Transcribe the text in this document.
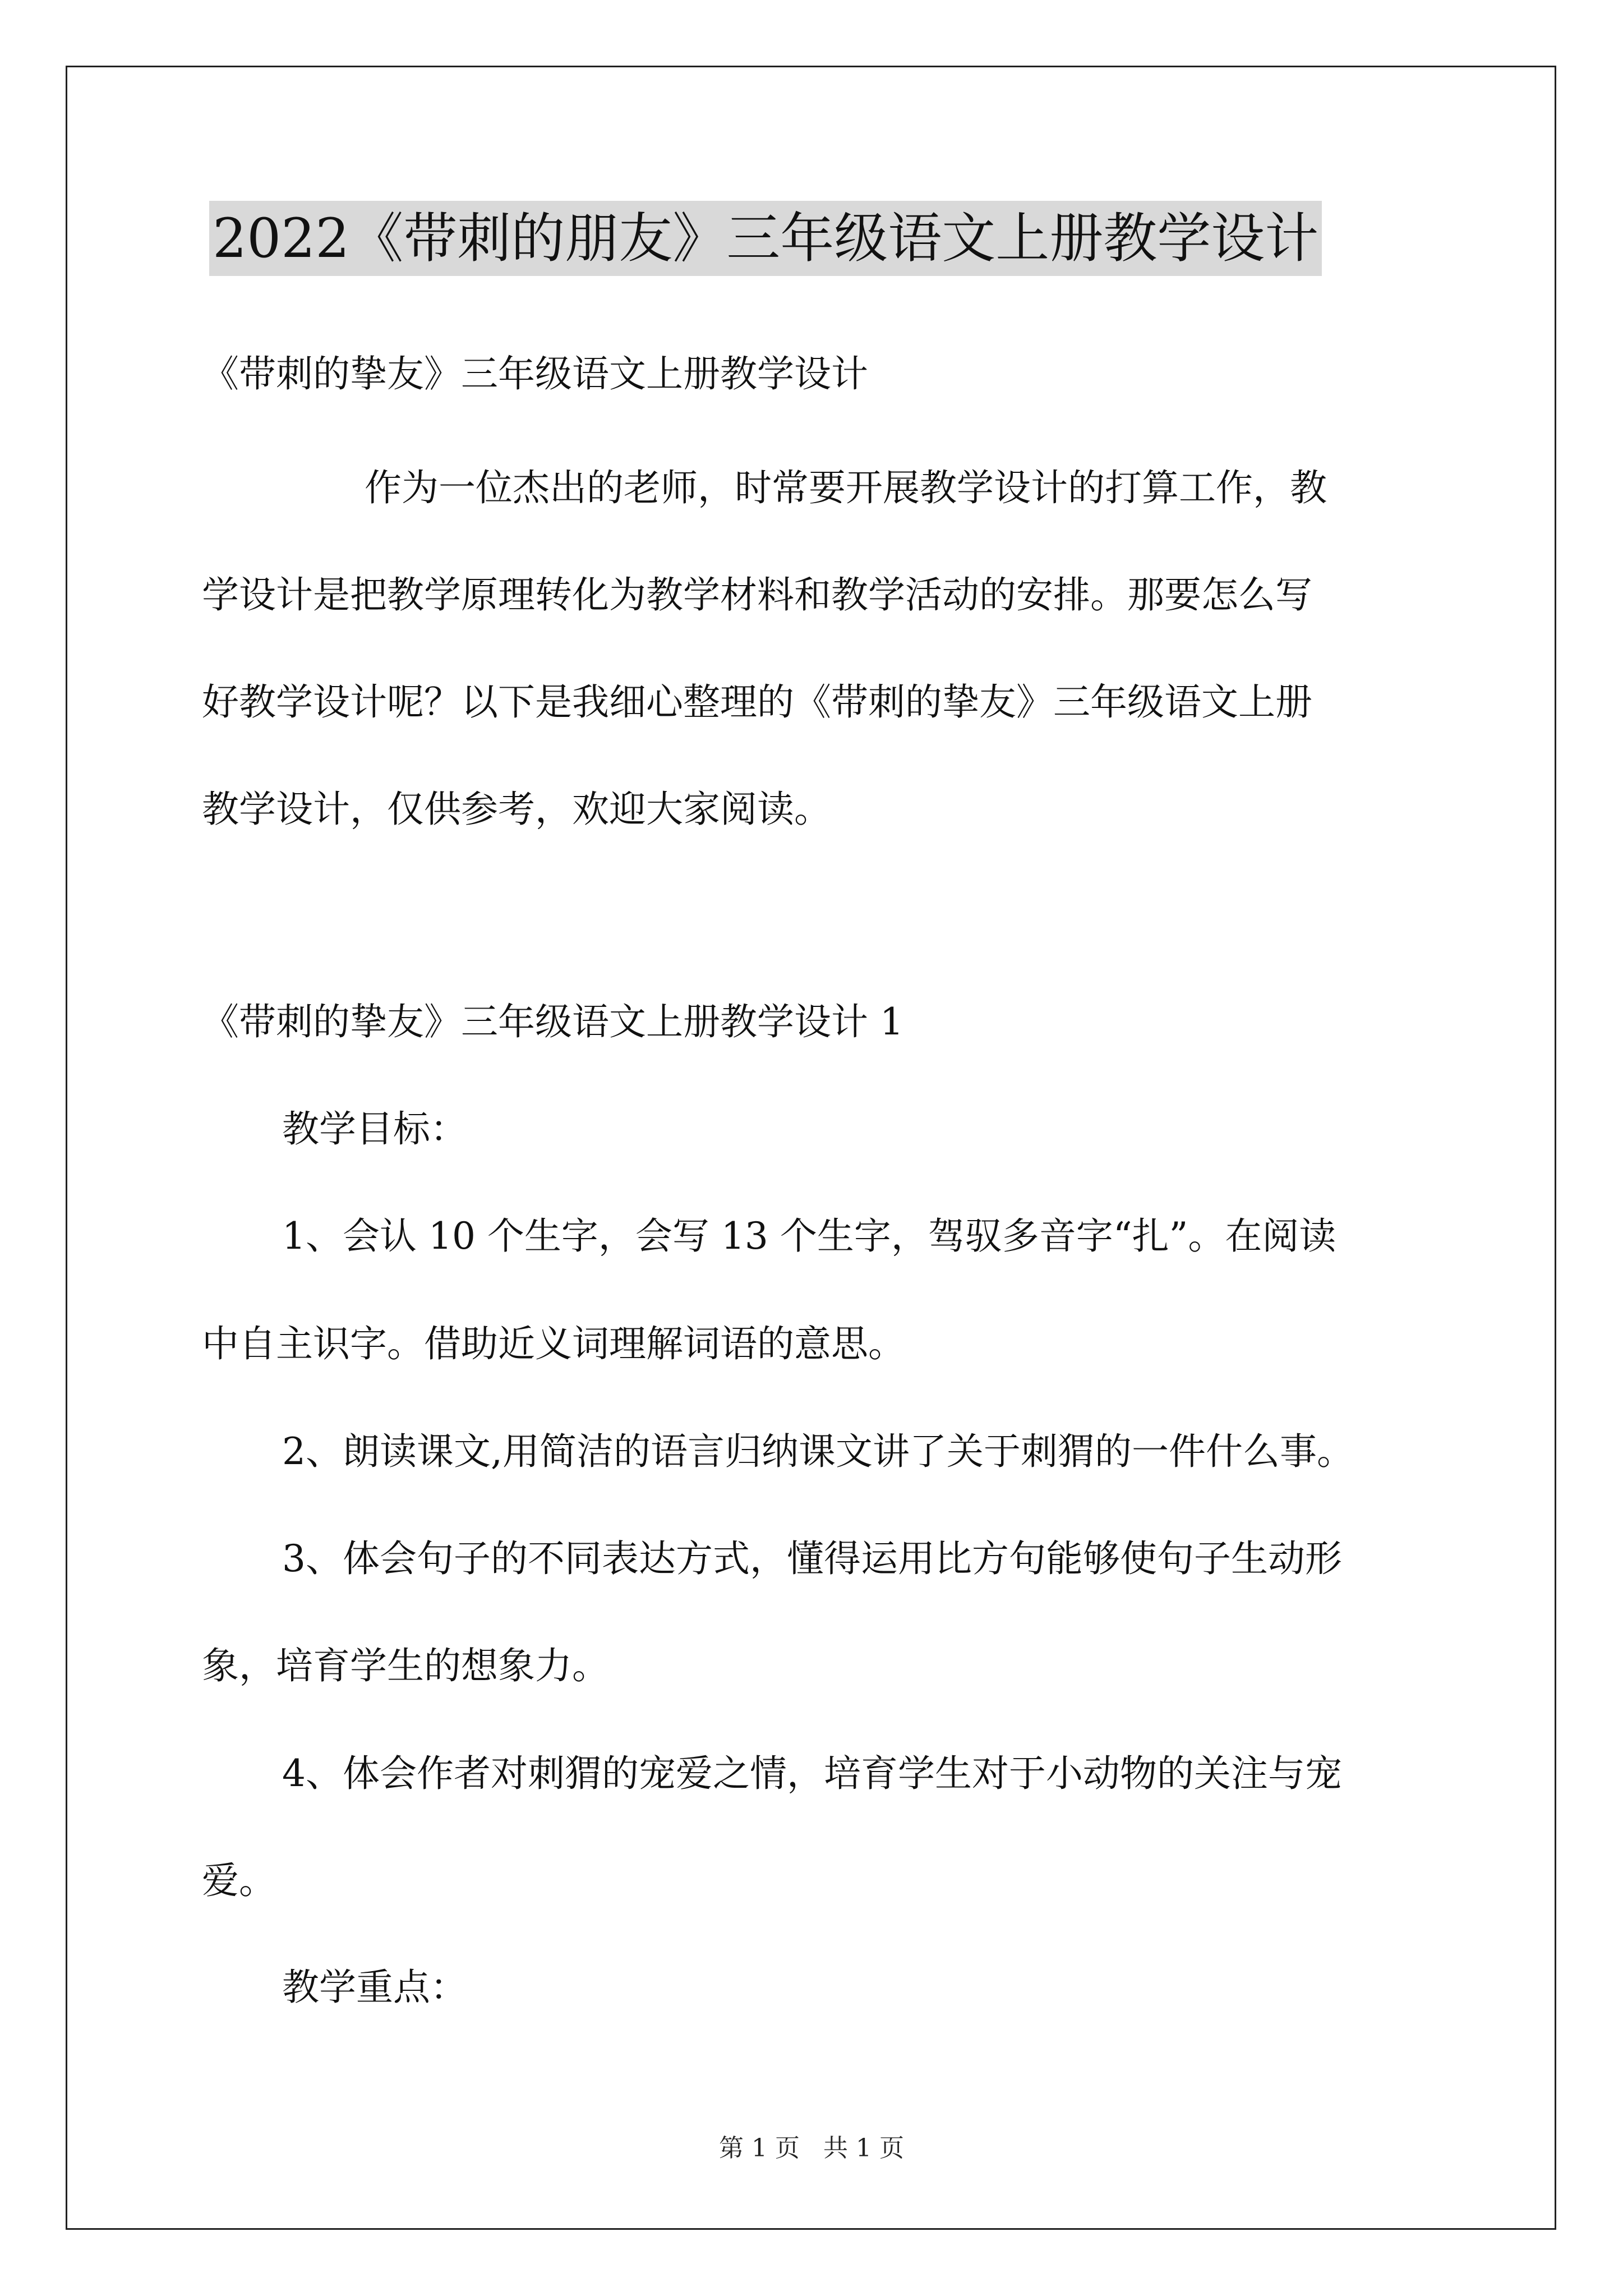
2022《带刺的朋友》三年级语文上册教学设计
《带刺的挚友》三年级语文上册教学设计
作为一位杰出的老师，时常要开展教学设计的打算工作，教
学设计是把教学原理转化为教学材料和教学活动的安排。那要怎么写
好教学设计呢？以下是我细心整理的《带刺的挚友》三年级语文上册
教学设计，仅供参考，欢迎大家阅读。
《带刺的挚友》三年级语文上册教学设计 1
教学目标：
1、会认 10 个生字，会写 13 个生字，驾驭多音字“扎”。在阅读
中自主识字。借助近义词理解词语的意思。
2、朗读课文,用简洁的语言归纳课文讲了关于刺猬的一件什么事。
3、体会句子的不同表达方式，懂得运用比方句能够使句子生动形
象，培育学生的想象力。
4、体会作者对刺猬的宠爱之情，培育学生对于小动物的关注与宠
爱。
教学重点：
第 1 页 共 1 页
